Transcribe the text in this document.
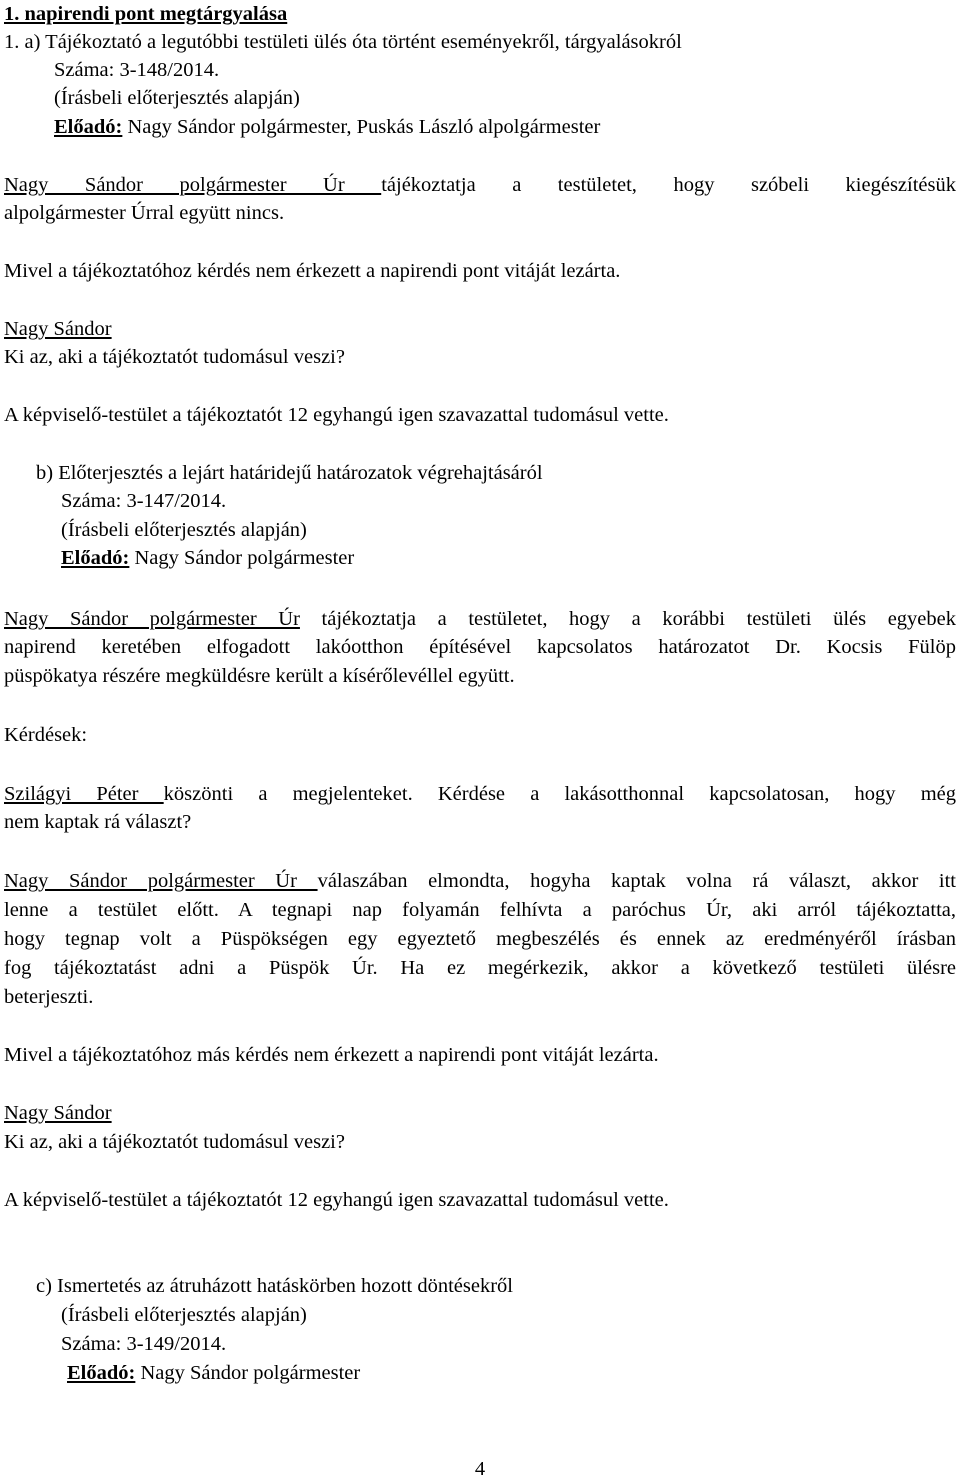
1. napirendi pont megtárgyalása
1. a) Tájékoztató a legutóbbi testületi ülés óta történt eseményekről, tárgyalásokról
Száma: 3-148/2014.
(Írásbeli előterjesztés alapján)
Előadó: Nagy Sándor polgármester, Puskás László alpolgármester
Nagy Sándor polgármester Úr tájékoztatja a testületet, hogy szóbeli kiegészítésük
alpolgármester Úrral együtt nincs.
Mivel a tájékoztatóhoz kérdés nem érkezett a napirendi pont vitáját lezárta.
Nagy Sándor
Ki az, aki a tájékoztatót tudomásul veszi?
A képviselő-testület a tájékoztatót 12 egyhangú igen szavazattal tudomásul vette.
b) Előterjesztés a lejárt határidejű határozatok végrehajtásáról
Száma: 3-147/2014.
(Írásbeli előterjesztés alapján)
Előadó: Nagy Sándor polgármester
Nagy Sándor polgármester Úr tájékoztatja a testületet, hogy a korábbi testületi ülés egyebek
napirend keretében elfogadott lakóotthon építésével kapcsolatos határozatot Dr. Kocsis Fülöp
püspökatya részére megküldésre került a kísérőlevéllel együtt.
Kérdések:
Szilágyi Péter köszönti a megjelenteket. Kérdése a lakásotthonnal kapcsolatosan, hogy még
nem kaptak rá választ?
Nagy Sándor polgármester Úr válaszában elmondta, hogyha kaptak volna rá választ, akkor itt
lenne a testület előtt. A tegnapi nap folyamán felhívta a paróchus Úr, aki arról tájékoztatta,
hogy tegnap volt a Püspökségen egy egyeztető megbeszélés és ennek az eredményéről írásban
fog tájékoztatást adni a Püspök Úr. Ha ez megérkezik, akkor a következő testületi ülésre
beterjeszti.
Mivel a tájékoztatóhoz más kérdés nem érkezett a napirendi pont vitáját lezárta.
Nagy Sándor
Ki az, aki a tájékoztatót tudomásul veszi?
A képviselő-testület a tájékoztatót 12 egyhangú igen szavazattal tudomásul vette.
c) Ismertetés az átruházott hatáskörben hozott döntésekről
(Írásbeli előterjesztés alapján)
Száma: 3-149/2014.
Előadó: Nagy Sándor polgármester
4
